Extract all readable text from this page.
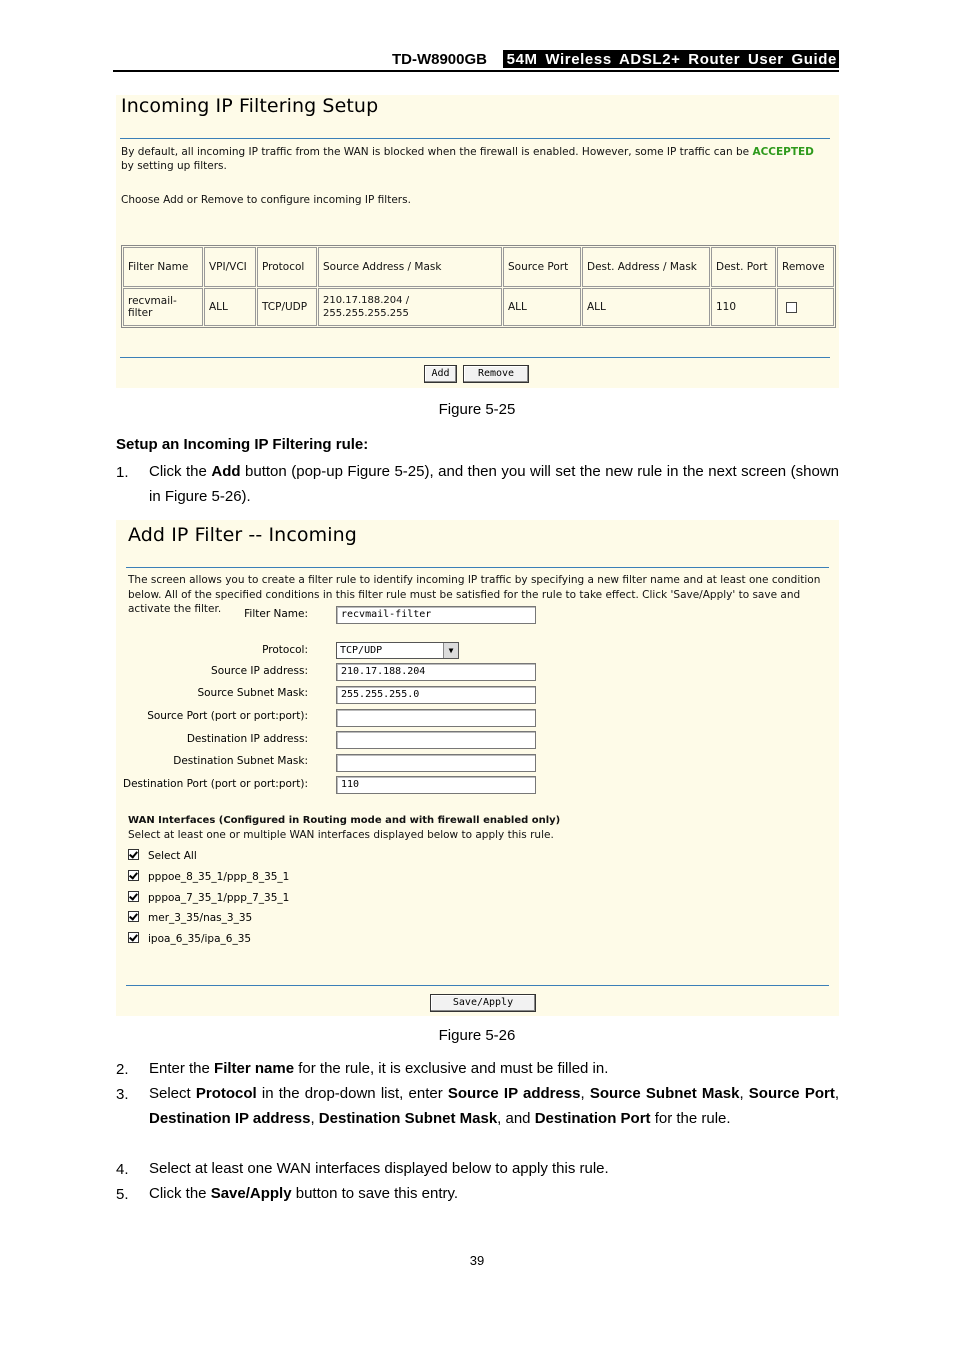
TD-W8900GB 54M Wireless ADSL2+ Router User Guide
Incoming IP Filtering Setup
By default, all incoming IP traffic from the WAN is blocked when the firewall is enabled. However, some IP traffic can be ACCEPTED by setting up filters.
Choose Add or Remove to configure incoming IP filters.
Filter Name	VPI/VCI	Protocol	Source Address / Mask	Source Port	Dest. Address / Mask	Dest. Port	Remove
recvmail-filter	ALL	TCP/UDP	210.17.188.204 / 255.255.255.255	ALL	ALL	110	
Add	Remove
Figure 5-25
Setup an Incoming IP Filtering rule:
1. Click the Add button (pop-up Figure 5-25), and then you will set the new rule in the next screen (shown in Figure 5-26).
Add IP Filter -- Incoming
The screen allows you to create a filter rule to identify incoming IP traffic by specifying a new filter name and at least one condition below. All of the specified conditions in this filter rule must be satisfied for the rule to take effect. Click 'Save/Apply' to save and activate the filter.	Filter Name:	recvmail-filter
Protocol:	TCP/UDP	▼
Source IP address:	210.17.188.204
Source Subnet Mask:	255.255.255.0
Source Port (port or port:port):
Destination IP address:
Destination Subnet Mask:
Destination Port (port or port:port):	110
WAN Interfaces (Configured in Routing mode and with firewall enabled only)
Select at least one or multiple WAN interfaces displayed below to apply this rule.
Select All
pppoe_8_35_1/ppp_8_35_1
pppoa_7_35_1/ppp_7_35_1
mer_3_35/nas_3_35
ipoa_6_35/ipa_6_35
Save/Apply
Figure 5-26
2. Enter the Filter name for the rule, it is exclusive and must be filled in.
3. Select Protocol in the drop-down list, enter Source IP address, Source Subnet Mask, Source Port, Destination IP address, Destination Subnet Mask, and Destination Port for the rule.
4. Select at least one WAN interfaces displayed below to apply this rule.
5. Click the Save/Apply button to save this entry.
39
